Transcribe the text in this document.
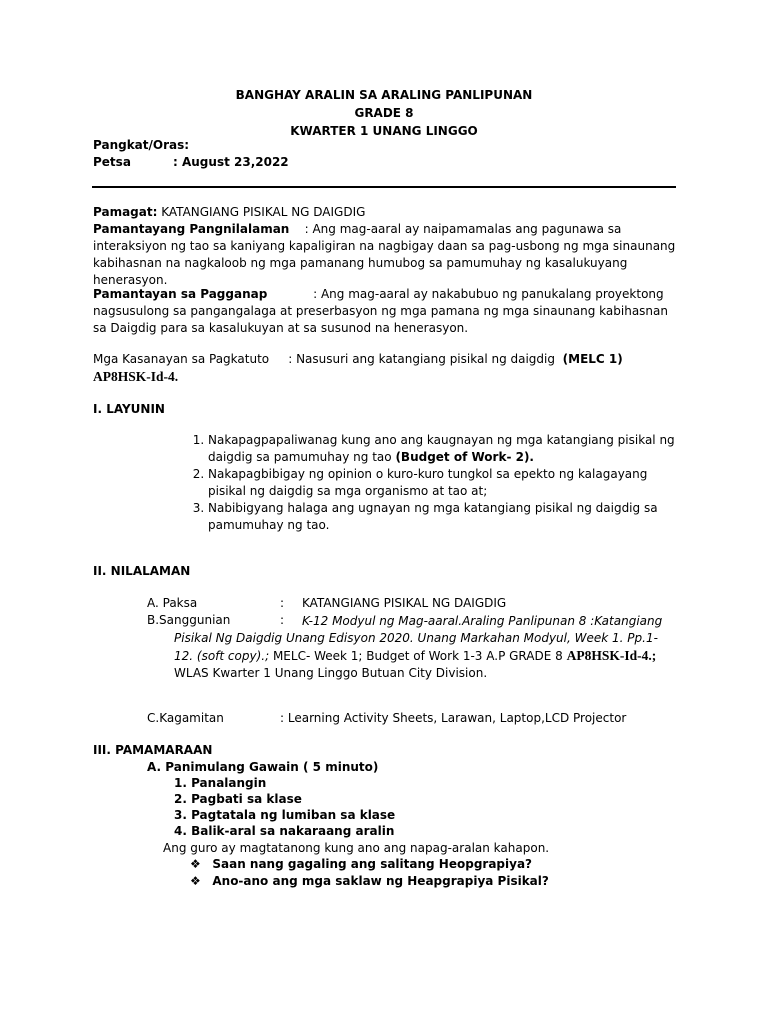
BANGHAY ARALIN SA ARALING PANLIPUNAN
GRADE 8
KWARTER 1 UNANG LINGGO
Pangkat/Oras:
Petsa	: August 23,2022
Pamagat: KATANGIANG PISIKAL NG DAIGDIG
Pamantayang Pangnilalaman : Ang mag-aaral ay naipamamalas ang pagunawa sa interaksiyon ng tao sa kaniyang kapaligiran na nagbigay daan sa pag-usbong ng mga sinaunang kabihasnan na nagkaloob ng mga pamanang humubog sa pamumuhay ng kasalukuyang henerasyon.
Pamantayan sa Pagganap	: Ang mag-aaral ay nakabubuo ng panukalang proyektong nagsusulong sa pangangalaga at preserbasyon ng mga pamana ng mga sinaunang kabihasnan sa Daigdig para sa kasalukuyan at sa susunod na henerasyon.
Mga Kasanayan sa Pagkatuto : Nasusuri ang katangiang pisikal ng daigdig (MELC 1) AP8HSK-Id-4.
I. LAYUNIN
1. Nakapagpapaliwanag kung ano ang kaugnayan ng mga katangiang pisikal ng daigdig sa pamumuhay ng tao (Budget of Work- 2).
2. Nakapagbibigay ng opinion o kuro-kuro tungkol sa epekto ng kalagayang pisikal ng daigdig sa mga organismo at tao at;
3. Nabibigyang halaga ang ugnayan ng mga katangiang pisikal ng daigdig sa pamumuhay ng tao.
II. NILALAMAN
A. Paksa	: KATANGIANG PISIKAL NG DAIGDIG
B.Sanggunian	:	K-12 Modyul ng Mag-aaral.Araling Panlipunan 8 :Katangiang Pisikal Ng Daigdig Unang Edisyon 2020. Unang Markahan Modyul, Week 1. Pp.1-12. (soft copy).; MELC- Week 1; Budget of Work 1-3 A.P GRADE 8 AP8HSK-Id-4.; WLAS Kwarter 1 Unang Linggo Butuan City Division.
C.Kagamitan	: Learning Activity Sheets, Larawan, Laptop,LCD Projector
III. PAMAMARAAN
A. Panimulang Gawain ( 5 minuto)
1. Panalangin
2. Pagbati sa klase
3. Pagtatala ng lumiban sa klase
4. Balik-aral sa nakaraang aralin
Ang guro ay magtatanong kung ano ang napag-aralan kahapon.
❖ Saan nang gagaling ang salitang Heopgrapiya?
❖ Ano-ano ang mga saklaw ng Heapgrapiya Pisikal?
